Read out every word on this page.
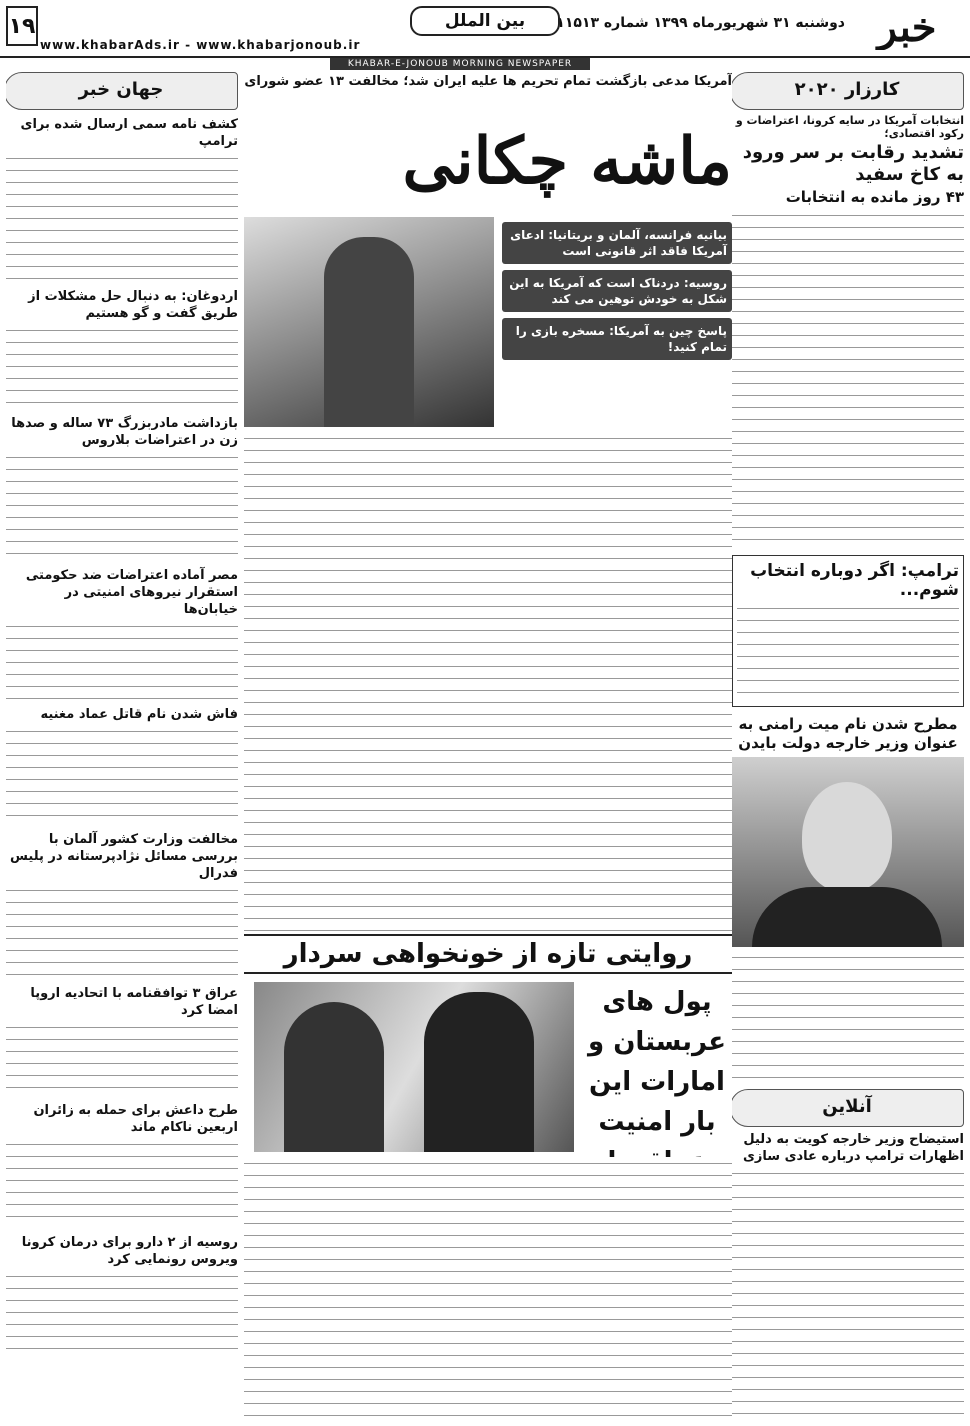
خبر
دوشنبه ۳۱ شهریور‌ماه ۱۳۹۹ شماره ۱۱۵۱۳
بین الملل
www.khabarAds.ir - www.khabarjonoub.ir
۱۹
KHABAR-E-JONOUB MORNING NEWSPAPER
کارزار ۲۰۲۰
انتخابات آمریکا در سایه کرونا، اعتراضات و رکود اقتصادی؛
تشدید رقابت بر سر ورود به کاخ سفید
۴۳ روز مانده به انتخابات
ترامپ: اگر دوباره انتخاب شوم...
مطرح شدن نام میت رامنی به عنوان وزیر خارجه دولت بایدن
آنلاین
استیضاح وزیر خارجه کویت به دلیل اظهارات ترامپ درباره عادی سازی
آمریکا مدعی بازگشت تمام تحریم ها علیه ایران شد؛ مخالفت ۱۳ عضو شورای
ماشه چکانی
بیانیه فرانسه، آلمان و بریتانیا: ادعای آمریکا فاقد اثر قانونی است
روسیه: دردناک است که آمریکا به این شکل به خودش توهین می کند
پاسخ چین به آمریکا: مسخره بازی را تمام کنید!
روایتی تازه از خونخواهی سردار
پول های عربستان و امارات این بار امنیت
جهان خبر
کشف نامه سمی ارسال شده برای ترامپ
اردوغان: به دنبال حل مشکلات از طریق گفت و گو هستیم
بازداشت مادربزرگ ۷۳ ساله و صدها زن در اعتراضات بلاروس
مصر آماده اعتراضات ضد حکومتی استقرار نیروهای امنیتی در خیابان‌ها
فاش شدن نام قاتل عماد مغنیه
مخالفت وزارت کشور آلمان با بررسی مسائل نژادپرستانه در پلیس فدرال
عراق ۳ توافقنامه با اتحادیه اروپا امضا کرد
طرح داعش برای حمله به زائران اربعین ناکام ماند
روسیه از ۲ دارو برای درمان کرونا ویروس رونمایی کرد
